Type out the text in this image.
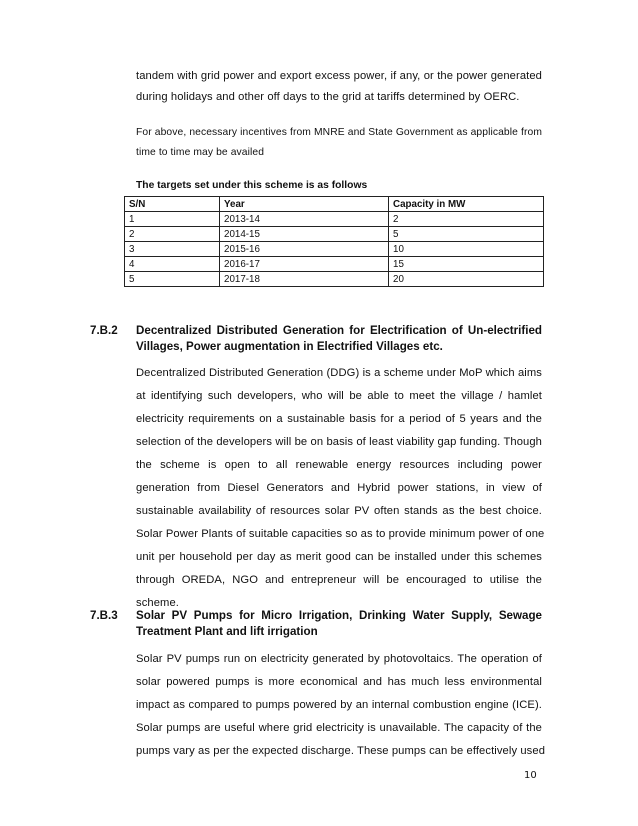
tandem with grid power and export excess power, if any, or the power generated
during holidays and other off days to the grid at tariffs determined by OERC.
For above, necessary incentives from MNRE and State Government as applicable from
time to time may be availed
The targets set under this scheme is as follows
S/N	Year	Capacity in MW
1	2013-14	2
2	2014-15	5
3	2015-16	10
4	2016-17	15
5	2017-18	20
7.B.2 Decentralized Distributed Generation for Electrification of Un-electrified
Villages, Power augmentation in Electrified Villages etc.
Decentralized Distributed Generation (DDG) is a scheme under MoP which aims
at identifying such developers, who will be able to meet the village / hamlet
electricity requirements on a sustainable basis for a period of 5 years and the
selection of the developers will be on basis of least viability gap funding. Though
the scheme is open to all renewable energy resources including power
generation from Diesel Generators and Hybrid power stations, in view of
sustainable availability of resources solar PV often stands as the best choice.
Solar Power Plants of suitable capacities so as to provide minimum power of one
unit per household per day as merit good can be installed under this schemes
through OREDA, NGO and entrepreneur will be encouraged to utilise the
scheme.
7.B.3 Solar PV Pumps for Micro Irrigation, Drinking Water Supply, Sewage
Treatment Plant and lift irrigation
Solar PV pumps run on electricity generated by photovoltaics. The operation of
solar powered pumps is more economical and has much less environmental
impact as compared to pumps powered by an internal combustion engine (ICE).
Solar pumps are useful where grid electricity is unavailable. The capacity of the
pumps vary as per the expected discharge. These pumps can be effectively used
10
